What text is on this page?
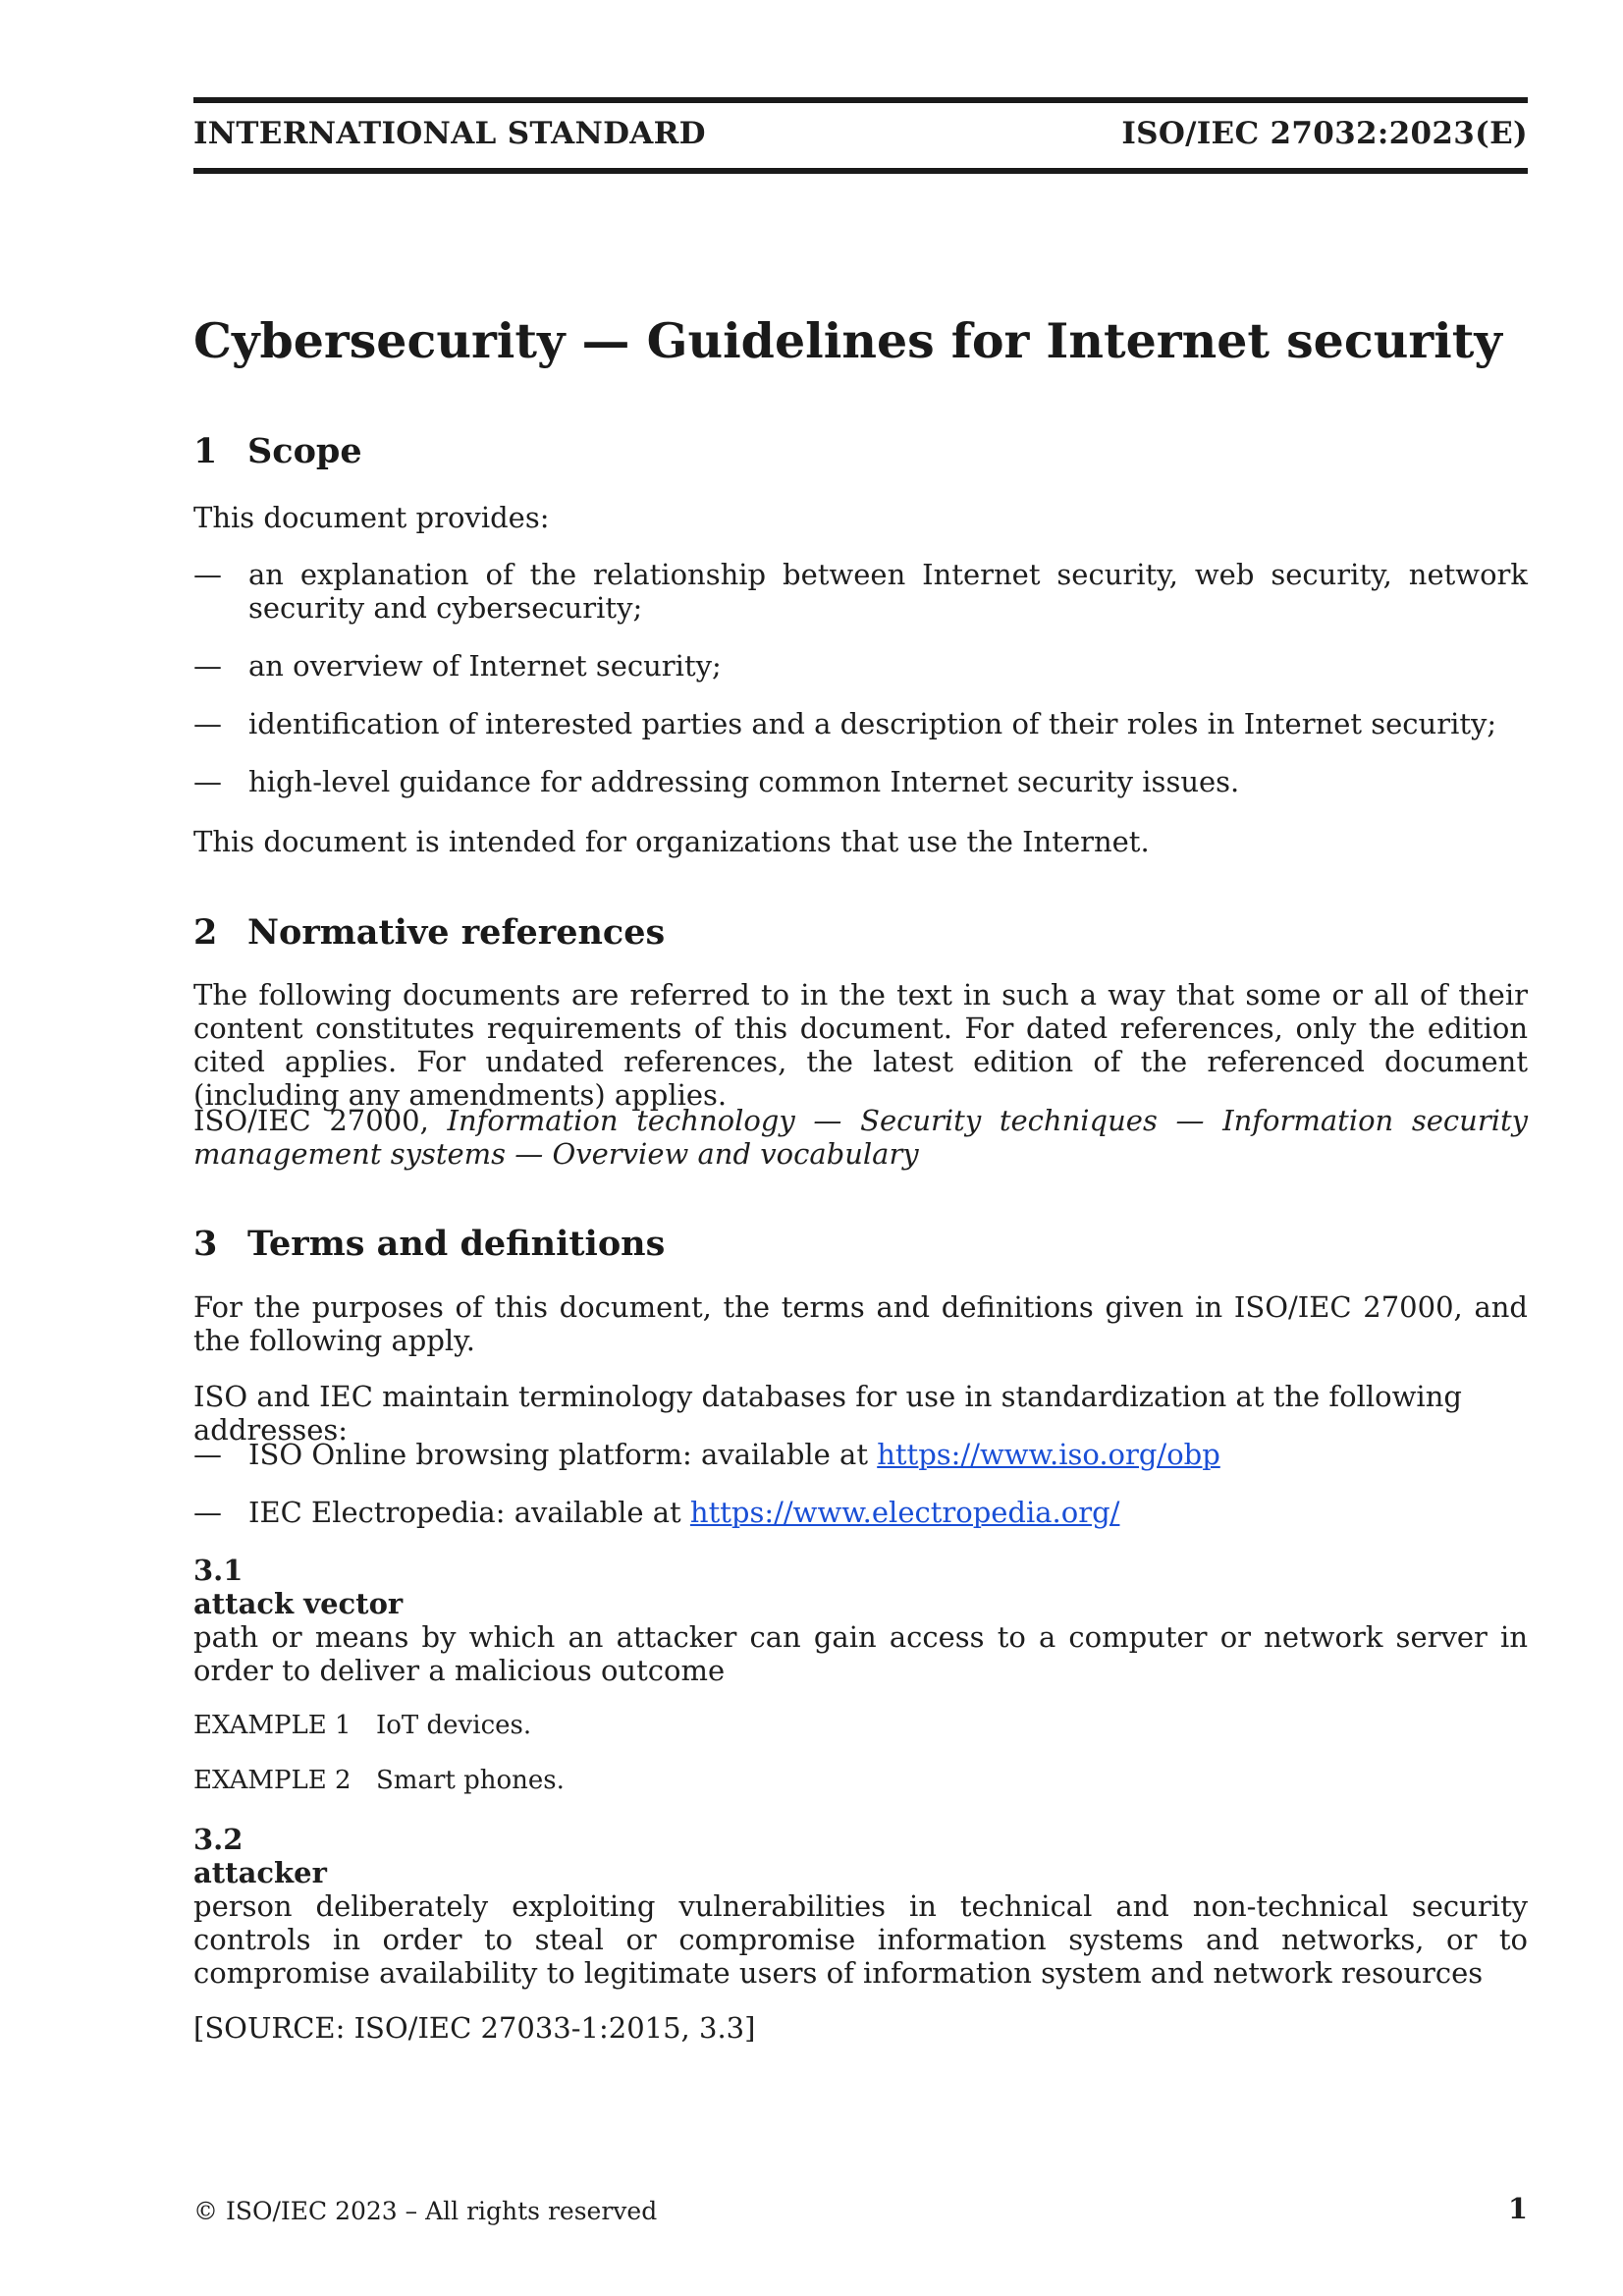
INTERNATIONAL STANDARD	ISO/IEC 27032:2023(E)
Cybersecurity — Guidelines for Internet security
1 Scope

This document provides:

— an explanation of the relationship between Internet security, web security, network security and cybersecurity;
— an overview of Internet security;
— identification of interested parties and a description of their roles in Internet security;
— high-level guidance for addressing common Internet security issues.

This document is intended for organizations that use the Internet.

2 Normative references

The following documents are referred to in the text in such a way that some or all of their content constitutes requirements of this document. For dated references, only the edition cited applies. For undated references, the latest edition of the referenced document (including any amendments) applies.

ISO/IEC 27000, Information technology — Security techniques — Information security management systems — Overview and vocabulary

3 Terms and definitions

For the purposes of this document, the terms and definitions given in ISO/IEC 27000, and the following apply.

ISO and IEC maintain terminology databases for use in standardization at the following addresses:

— ISO Online browsing platform: available at https://www.iso.org/obp
— IEC Electropedia: available at https://www.electropedia.org/
3.1
attack vector

path or means by which an attacker can gain access to a computer or network server in order to deliver a malicious outcome

EXAMPLE 1 IoT devices.
EXAMPLE 2 Smart phones.
3.2
attacker

person deliberately exploiting vulnerabilities in technical and non-technical security controls in order to steal or compromise information systems and networks, or to compromise availability to legitimate users of information system and network resources

[SOURCE: ISO/IEC 27033-1:2015, 3.3]

© ISO/IEC 2023 – All rights reserved	1
